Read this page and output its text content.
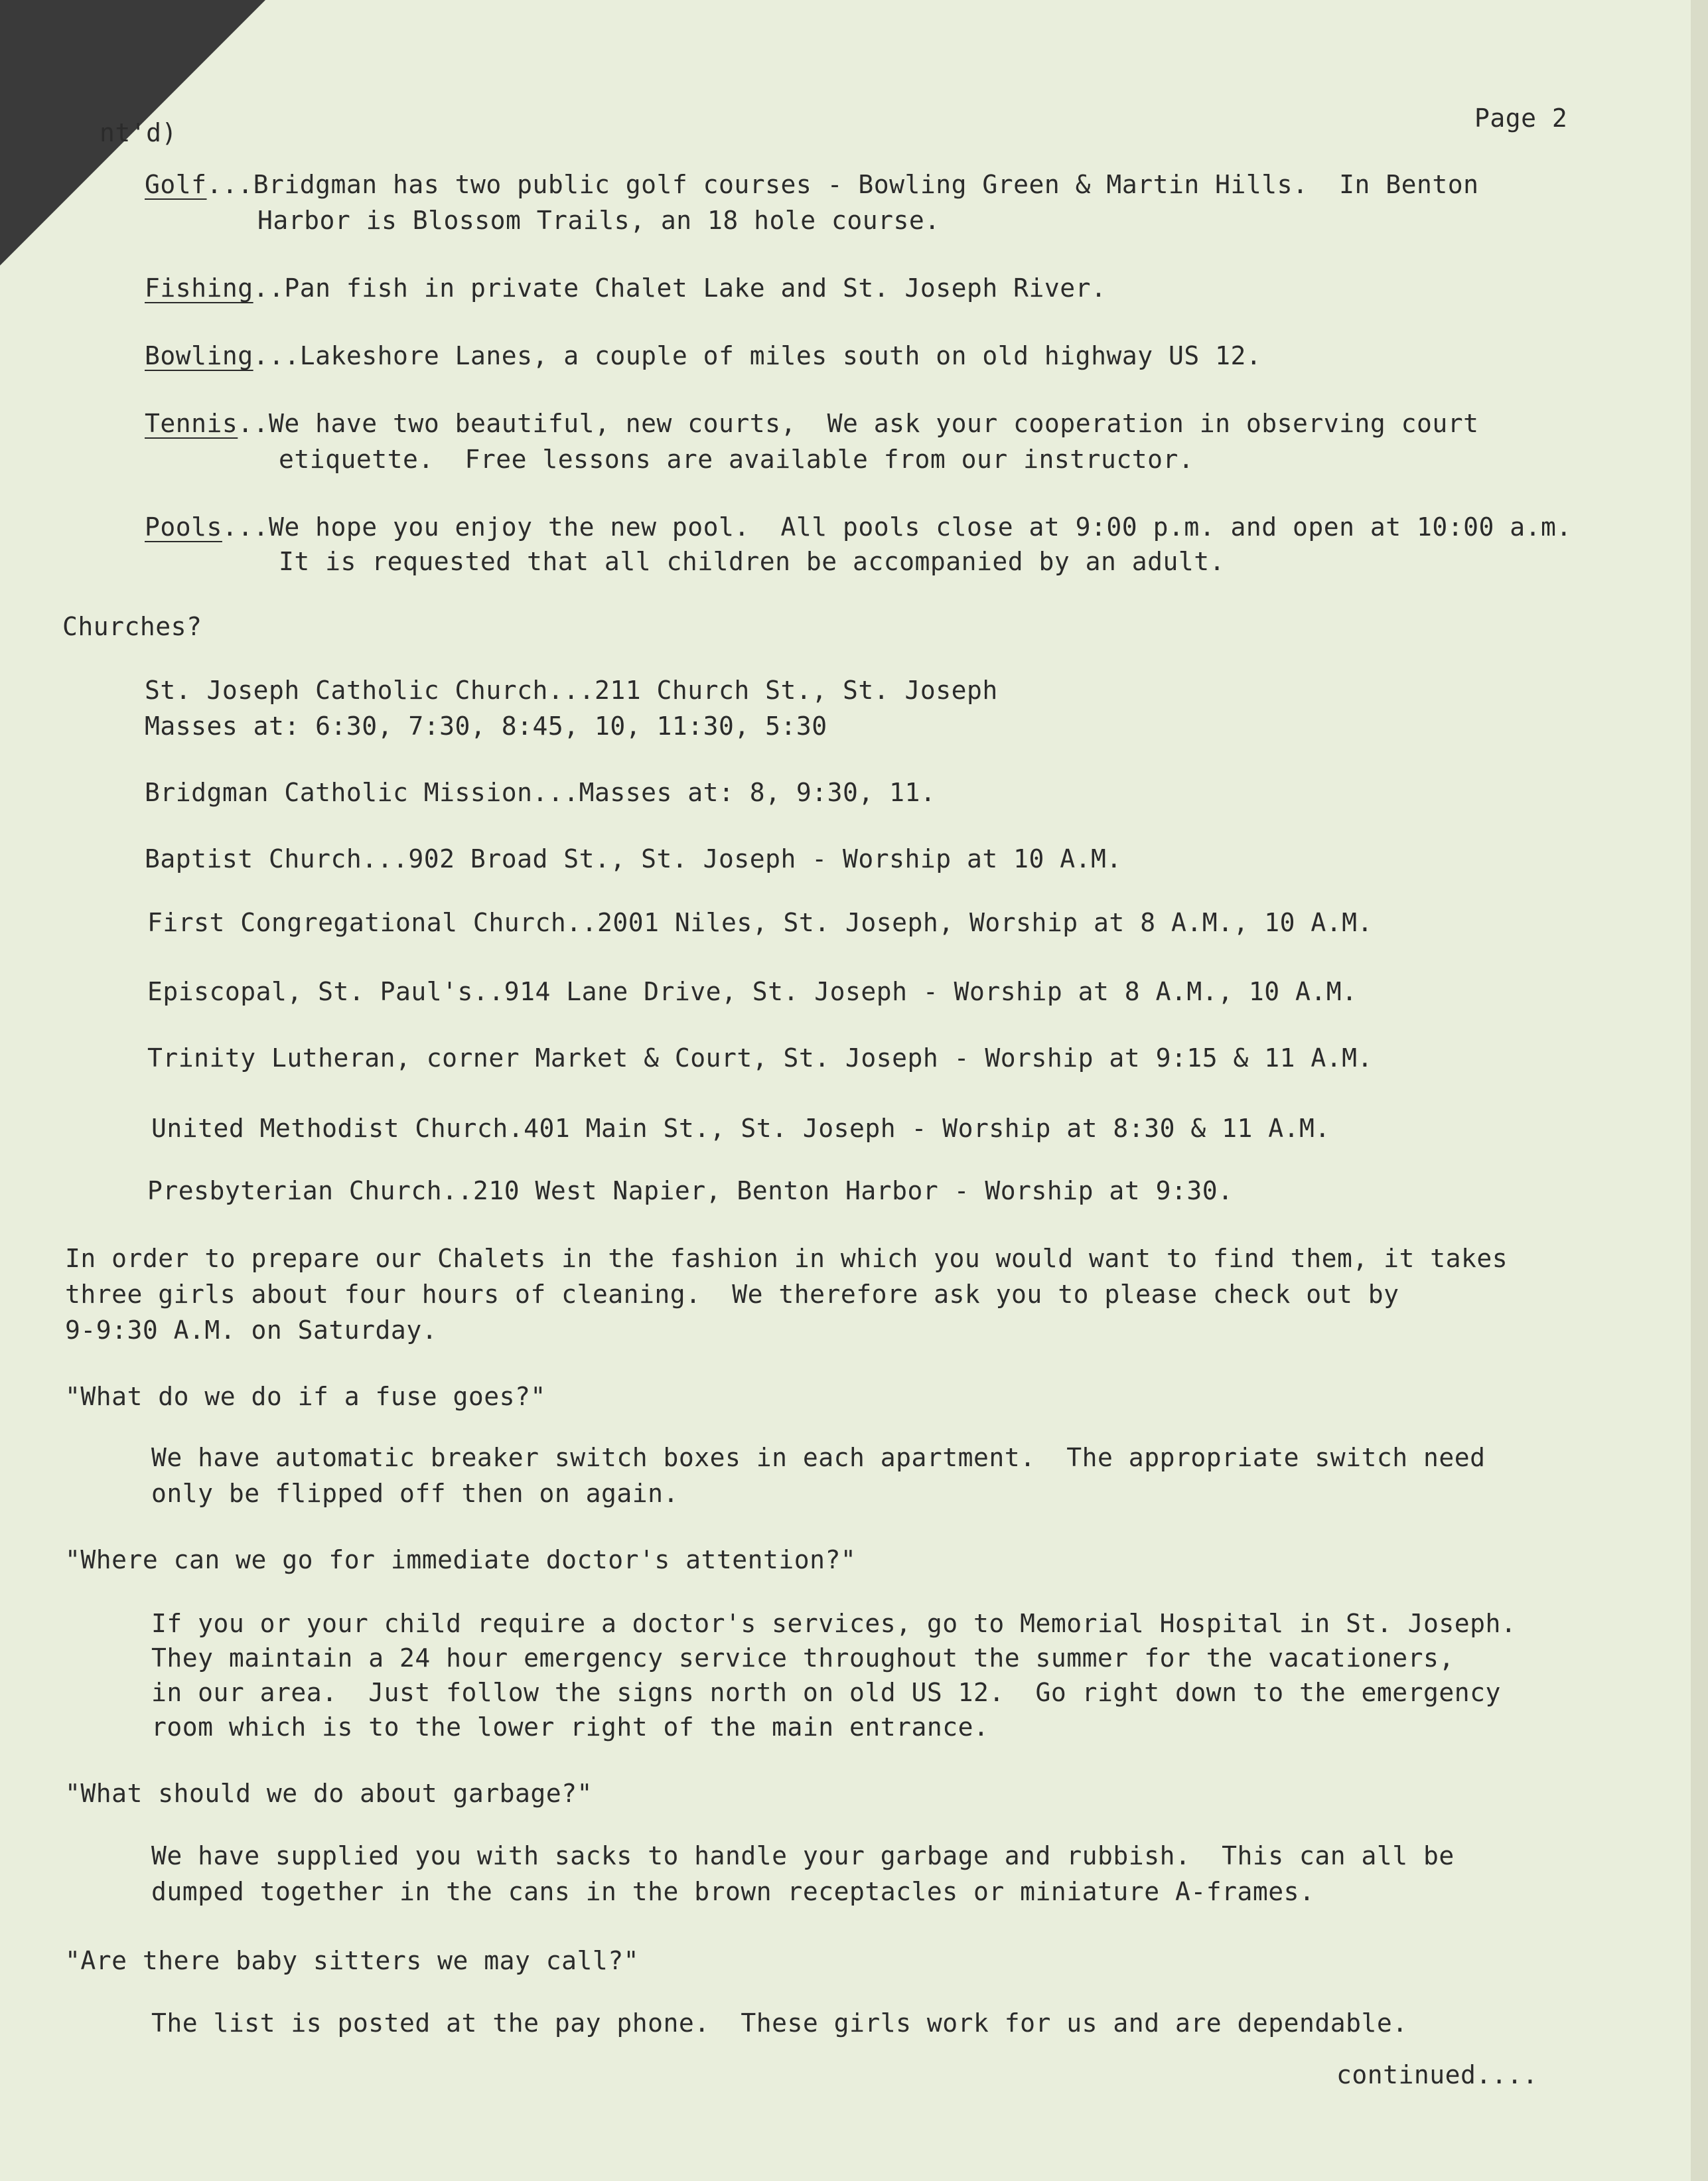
nt'd)	Page 2
Golf...Bridgman has two public golf courses - Bowling Green & Martin Hills.  In Benton
Harbor is Blossom Trails, an 18 hole course.
Fishing..Pan fish in private Chalet Lake and St. Joseph River.
Bowling...Lakeshore Lanes, a couple of miles south on old highway US 12.
Tennis..We have two beautiful, new courts,  We ask your cooperation in observing court
etiquette.  Free lessons are available from our instructor.
Pools...We hope you enjoy the new pool.  All pools close at 9:00 p.m. and open at 10:00 a.m.
It is requested that all children be accompanied by an adult.
Churches?
St. Joseph Catholic Church...211 Church St., St. Joseph
Masses at: 6:30, 7:30, 8:45, 10, 11:30, 5:30
Bridgman Catholic Mission...Masses at: 8, 9:30, 11.
Baptist Church...902 Broad St., St. Joseph - Worship at 10 A.M.
First Congregational Church..2001 Niles, St. Joseph, Worship at 8 A.M., 10 A.M.
Episcopal, St. Paul's..914 Lane Drive, St. Joseph - Worship at 8 A.M., 10 A.M.
Trinity Lutheran, corner Market & Court, St. Joseph - Worship at 9:15 & 11 A.M.
United Methodist Church.401 Main St., St. Joseph - Worship at 8:30 & 11 A.M.
Presbyterian Church..210 West Napier, Benton Harbor - Worship at 9:30.
In order to prepare our Chalets in the fashion in which you would want to find them, it takes
three girls about four hours of cleaning.  We therefore ask you to please check out by
9-9:30 A.M. on Saturday.
"What do we do if a fuse goes?"
We have automatic breaker switch boxes in each apartment.  The appropriate switch need
only be flipped off then on again.
"Where can we go for immediate doctor's attention?"
If you or your child require a doctor's services, go to Memorial Hospital in St. Joseph.
They maintain a 24 hour emergency service throughout the summer for the vacationers,
in our area.  Just follow the signs north on old US 12.  Go right down to the emergency
room which is to the lower right of the main entrance.
"What should we do about garbage?"
We have supplied you with sacks to handle your garbage and rubbish.  This can all be
dumped together in the cans in the brown receptacles or miniature A-frames.
"Are there baby sitters we may call?"
The list is posted at the pay phone.  These girls work for us and are dependable.
continued....
